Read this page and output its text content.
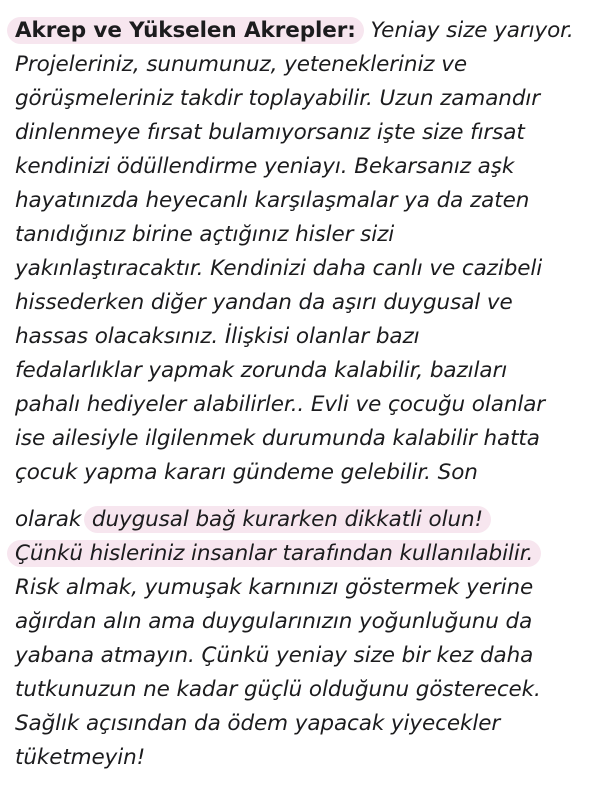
Akrep ve Yükselen Akrepler: Yeniay size yarıyor.
Projeleriniz, sunumunuz, yetenekleriniz ve
görüşmeleriniz takdir toplayabilir. Uzun zamandır
dinlenmeye fırsat bulamıyorsanız işte size fırsat
kendinizi ödüllendirme yeniayı. Bekarsanız aşk
hayatınızda heyecanlı karşılaşmalar ya da zaten
tanıdığınız birine açtığınız hisler sizi
yakınlaştıracaktır. Kendinizi daha canlı ve cazibeli
hissederken diğer yandan da aşırı duygusal ve
hassas olacaksınız. İlişkisi olanlar bazı
fedalarlıklar yapmak zorunda kalabilir, bazıları
pahalı hediyeler alabilirler.. Evli ve çocuğu olanlar
ise ailesiyle ilgilenmek durumunda kalabilir hatta
çocuk yapma kararı gündeme gelebilir. Son
olarak duygusal bağ kurarken dikkatli olun!
Çünkü hisleriniz insanlar tarafından kullanılabilir.
Risk almak, yumuşak karnınızı göstermek yerine
ağırdan alın ama duygularınızın yoğunluğunu da
yabana atmayın. Çünkü yeniay size bir kez daha
tutkunuzun ne kadar güçlü olduğunu gösterecek.
Sağlık açısından da ödem yapacak yiyecekler
tüketmeyin!
